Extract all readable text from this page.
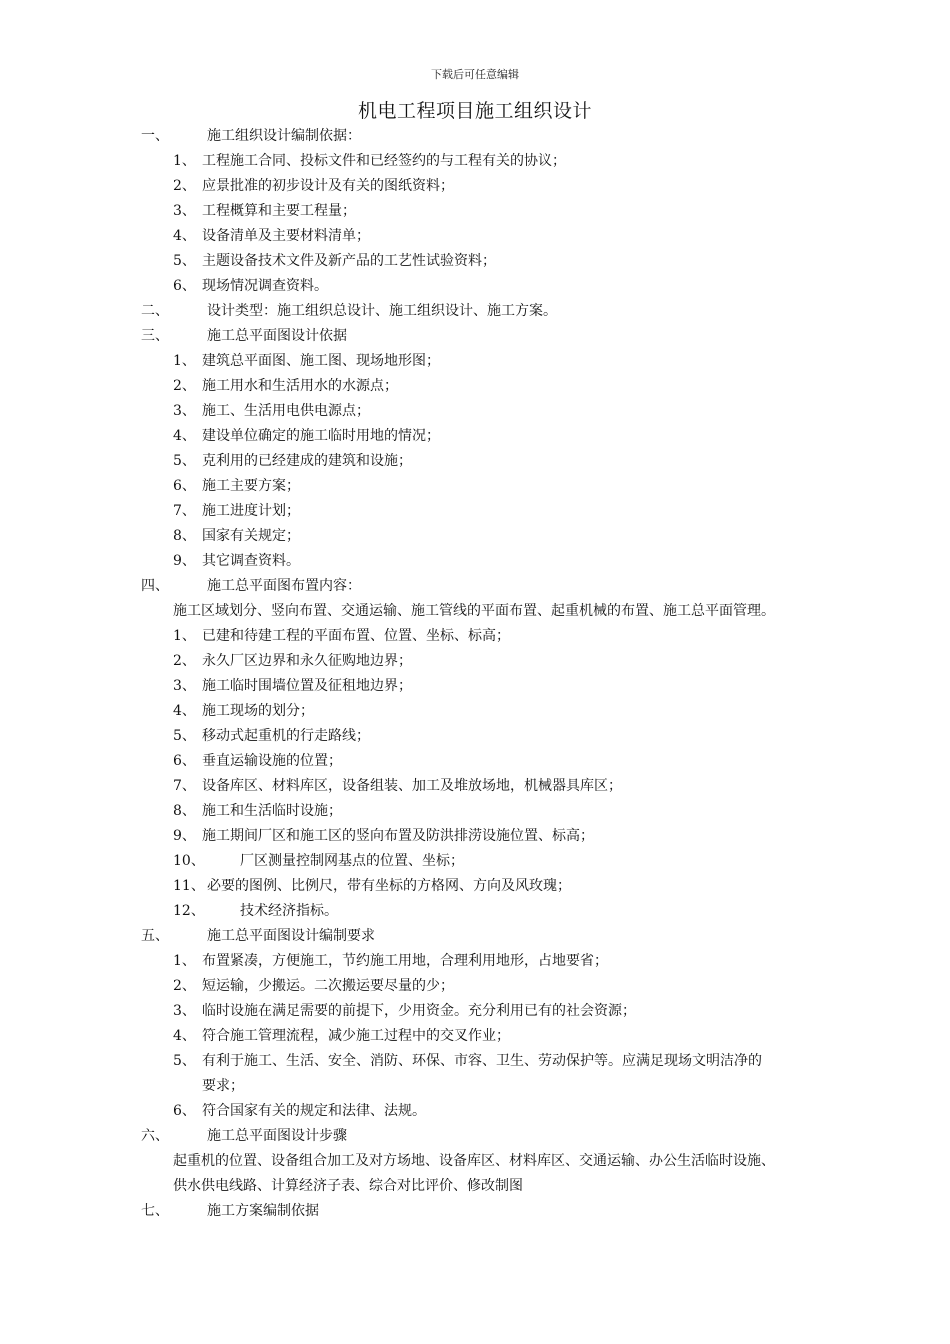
下载后可任意编辑
机电工程项目施工组织设计
一、	施工组织设计编制依据：
1、 工程施工合同、投标文件和已经签约的与工程有关的协议；
2、 应景批准的初步设计及有关的图纸资料；
3、 工程概算和主要工程量；
4、 设备清单及主要材料清单；
5、 主题设备技术文件及新产品的工艺性试验资料；
6、 现场情况调查资料。
二、	设计类型：施工组织总设计、施工组织设计、施工方案。
三、	施工总平面图设计依据
1、 建筑总平面图、施工图、现场地形图；
2、 施工用水和生活用水的水源点；
3、 施工、生活用电供电源点；
4、 建设单位确定的施工临时用地的情况；
5、 克利用的已经建成的建筑和设施；
6、 施工主要方案；
7、 施工进度计划；
8、 国家有关规定；
9、 其它调查资料。
四、	施工总平面图布置内容：
施工区域划分、竖向布置、交通运输、施工管线的平面布置、起重机械的布置、施工总平面管理。
1、 已建和待建工程的平面布置、位置、坐标、标高；
2、 永久厂区边界和永久征购地边界；
3、 施工临时围墙位置及征租地边界；
4、 施工现场的划分；
5、 移动式起重机的行走路线；
6、 垂直运输设施的位置；
7、 设备库区、材料库区，设备组装、加工及堆放场地，机械器具库区；
8、 施工和生活临时设施；
9、 施工期间厂区和施工区的竖向布置及防洪排涝设施位置、标高；
10、	厂区测量控制网基点的位置、坐标；
11、 必要的图例、比例尺，带有坐标的方格网、方向及风玫瑰；
12、	技术经济指标。
五、	施工总平面图设计编制要求
1、 布置紧凑，方便施工，节约施工用地，合理利用地形，占地要省；
2、 短运输，少搬运。二次搬运要尽量的少；
3、 临时设施在满足需要的前提下，少用资金。充分利用已有的社会资源；
4、 符合施工管理流程，减少施工过程中的交叉作业；
5、 有利于施工、生活、安全、消防、环保、市容、卫生、劳动保护等。应满足现场文明洁净的
要求；
6、 符合国家有关的规定和法律、法规。
六、	施工总平面图设计步骤
起重机的位置、设备组合加工及对方场地、设备库区、材料库区、交通运输、办公生活临时设施、
供水供电线路、计算经济子表、综合对比评价、修改制图
七、	施工方案编制依据
